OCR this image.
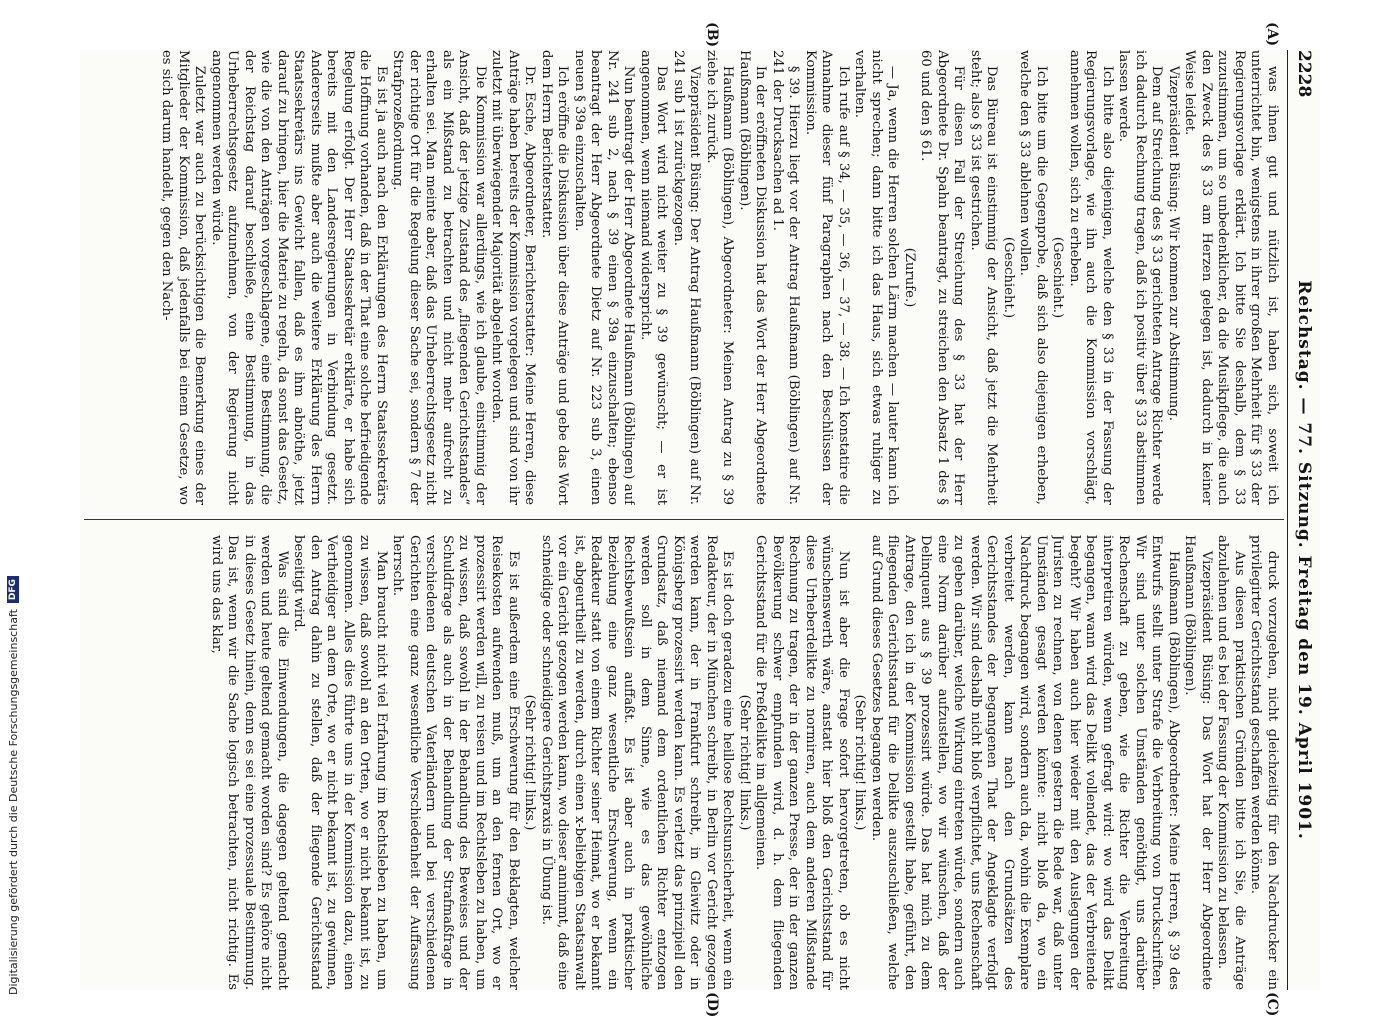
2228
Reichstag. — 77. Sitzung. Freitag den 19. April 1901.

was ihnen gut und nützlich ist, haben sich, soweit ich unterrichtet bin, wenigstens in ihrer großen Mehrheit für § 33 der Regierungsvorlage erklärt. Ich bitte Sie deshalb, dem § 33 zuzustimmen, um so unbedenklicher, da die Musikpflege, die auch den Zweck des § 33 am Herzen gelegen ist, dadurch in keiner Weise leidet.

Vizepräsident Büsing: Wir kommen zur Abstimmung.

Dem auf Streichung des § 33 gerichteten Antrage Richter werde ich dadurch Rechnung tragen, daß ich positiv über § 33 abstimmen lassen werde.

Ich bitte also diejenigen, welche den § 33 in der Fassung der Regierungsvorlage, wie ihn auch die Kommission vorschlägt, annehmen wollen, sich zu erheben.

(Geschieht.)

Ich bitte um die Gegenprobe, daß sich also diejenigen erheben, welche den § 33 ablehnen wollen.

(Geschieht.)

Das Büreau ist einstimmig der Ansicht, daß jetzt die Mehrheit steht; also § 33 ist gestrichen.

Für diesen Fall der Streichung des § 33 hat der Herr Abgeordnete Dr. Spahn beantragt, zu streichen den Absatz 1 des § 60 und den § 61.

(Zurufe.)

— Ja, wenn die Herren solchen Lärm machen — lauter kann ich nicht sprechen; dann bitte ich das Haus, sich etwas ruhiger zu verhalten.

Ich rufe auf § 34, — 35, — 36, — 37, — 38. — Ich konstatire die Annahme dieser fünf Paragraphen nach den Beschlüssen der Kommission.

§ 39. Hierzu liegt vor der Antrag Haußmann (Böblingen) auf Nr. 241 der Drucksachen ad 1.

In der eröffneten Diskussion hat das Wort der Herr Abgeordnete Haußmann (Böblingen).

Haußmann (Böblingen), Abgeordneter: Meinen Antrag zu § 39 ziehe ich zurück.

Vizepräsident Büsing: Der Antrag Haußmann (Böblingen) auf Nr. 241 sub 1 ist zurückgezogen.

Das Wort wird nicht weiter zu § 39 gewünscht; — er ist angenommen, wenn niemand widerspricht.

Nun beantragt der Herr Abgeordnete Haußmann (Böblingen) auf Nr. 241 sub 2, nach § 39 einen § 39a einzuschalten; ebenso beantragt der Herr Abgeordnete Dietz auf Nr. 223 sub 3, einen neuen § 39a einzuschalten.

Ich eröffne die Diskussion über diese Anträge und gebe das Wort dem Herrn Berichterstatter.

Dr. Esche, Abgeordneter, Berichterstatter: Meine Herren, diese Anträge haben bereits der Kommission vorgelegen und sind von ihr zuletzt mit überwiegender Majorität abgelehnt worden.

Die Kommission war allerdings, wie ich glaube, einstimmig der Ansicht, daß der jetzige Zustand des „fliegenden Gerichtsstandes“ als ein Mißstand zu betrachten und nicht mehr aufrecht zu erhalten sei. Man meinte aber, daß das Urheberrechtsgesetz nicht der richtige Ort für die Regelung dieser Sache sei, sondern § 7 der Strafprozeßordnung.

Es ist ja auch nach den Erklärungen des Herrn Staatssekretärs die Hoffnung vorhanden, daß in der That eine solche befriedigende Regelung erfolgt. Der Herr Staatssekretär erklärte, er habe sich bereits mit den Landesregierungen in Verbindung gesetzt. Andererseits mußte aber auch die weitere Erklärung des Herrn Staatssekretärs ins Gewicht fallen, daß es ihm abnöthe, jetzt darauf zu bringen, hier die Materie zu regeln, da sonst das Gesetz, wie die von den Anträgen vorgeschlagene, eine Bestimmung, die der Reichstag darauf beschließe, eine Bestimmung, in das Urheberrechtsgesetz aufzunehmen, von der Regierung nicht angenommen werden würde.

Zuletzt war auch zu berücksichtigen die Bemerkung eines der Mitglieder der Kommission, daß jedenfalls bei einem Gesetze, wo es sich darum handelt, gegen den Nach-

druck vorzugehen, nicht gleichzeitig für den Nachdrucker ein privilegirter Gerichtsstand geschaffen werden könne.

Aus diesen praktischen Gründen bitte ich Sie, die Anträge abzulehnen und es bei der Fassung der Kommission zu belassen.

Vizepräsident Büsing: Das Wort hat der Herr Abgeordnete Haußmann (Böblingen).

Haußmann (Böblingen), Abgeordneter: Meine Herren, § 39 des Entwurfs stellt unter Strafe die Verbreitung von Druckschriften. Wir sind unter solchen Umständen genöthigt, uns darüber Rechenschaft zu geben, wie die Richter die Verbreitung interpretiren würden, wenn gefragt wird: wo wird das Delikt begangen, wann wird das Delikt vollendet, das der Verbreitende begeht? Wir haben auch hier wieder mit den Auslegungen der Juristen zu rechnen, von denen gestern die Rede war, daß unter Umständen gesagt werden könnte: nicht bloß da, wo ein Nachdruck begangen wird, sondern auch da, wohin die Exemplare verbreitet werden, kann nach den Grundsätzen des Gerichtsstandes der begangenen That der Angeklagte verfolgt werden. Wir sind deshalb nicht bloß verpflichtet, uns Rechenschaft zu geben darüber, welche Wirkung eintreten würde, sondern auch eine Norm darüber aufzustellen, wo wir wünschen, daß der Delinquent aus § 39 prozessirt würde. Das hat mich zu dem Antrage, den ich in der Kommission gestellt habe, geführt, den fliegenden Gerichtsstand für die Delikte auszuschließen, welche auf Grund dieses Gesetzes begangen werden.

(Sehr richtig! links.)

Nun ist aber die Frage sofort hervorgetreten, ob es nicht wünschenswerth wäre, anstatt hier bloß den Gerichtsstand für diese Urheberdelikte zu normiren, auch dem anderen Mißstande Rechnung zu tragen, der in der ganzen Presse, der in der ganzen Bevölkerung schwer empfunden wird, d. h. dem fliegenden Gerichtsstand für die Preßdelikte im allgemeinen.

(Sehr richtig! links.)

Es ist doch geradezu eine heillose Rechtsunsicherheit, wenn ein Redakteur, der in München schreibt, in Berlin vor Gericht gezogen werden kann, der in Frankfurt schreibt, in Gleiwitz oder in Königsberg prozessirt werden kann. Es verletzt das prinzipiell den Grundsatz, daß niemand dem ordentlichen Richter entzogen werden soll in dem Sinne, wie es das gewöhnliche Rechtsbewußtsein auffaßt. Es ist aber auch in praktischer Beziehung eine ganz wesentliche Erschwerung, wenn ein Redakteur statt von einem Richter seiner Heimat, wo er bekannt ist, abgeurtheilt zu werden, durch einen x-beliebigen Staatsanwalt vor ein Gericht gezogen werden kann, wo dieser annimmt, daß eine schneidige oder schneidigere Gerichtspraxis in Übung ist.

(Sehr richtig! links.)

Es ist außerdem eine Erschwerung für den Beklagten, welcher Reisekosten aufwenden muß, um an den fernen Ort, wo er prozessirt werden will, zu reisen und im Rechtsleben zu haben, um zu wissen, daß sowohl in der Behandlung des Beweises und der Schuldfrage als auch in der Behandlung der Strafmaßfrage in verschiedenen deutschen Vaterländern und bei verschiedenen Gerichten eine ganz wesentliche Verschiedenheit der Auffassung herrscht.

Man braucht nicht viel Erfahrung im Rechtsleben zu haben, um zu wissen, daß sowohl an den Orten, wo er nicht bekannt ist, zu genommen. Alles dies führte uns in der Kommission dazu, einen Vertheidiger an dem Orte, wo er nicht bekannt ist, zu gewinnen, den Antrag dahin zu stellen, daß der fliegende Gerichtsstand beseitigt wird.

Was sind die Einwendungen, die dagegen geltend gemacht werden und heute geltend gemacht worden sind? Es gehöre nicht in dieses Gesetz hinein, denn es sei eine prozessuale Bestimmung. Das ist, wenn wir die Sache logisch betrachten, nicht richtig. Es wird uns das klar,

(A)
(B)
(C)
(D)
Digitalisierung gefördert durch die Deutsche Forschungsgemeinschaft
DFG
